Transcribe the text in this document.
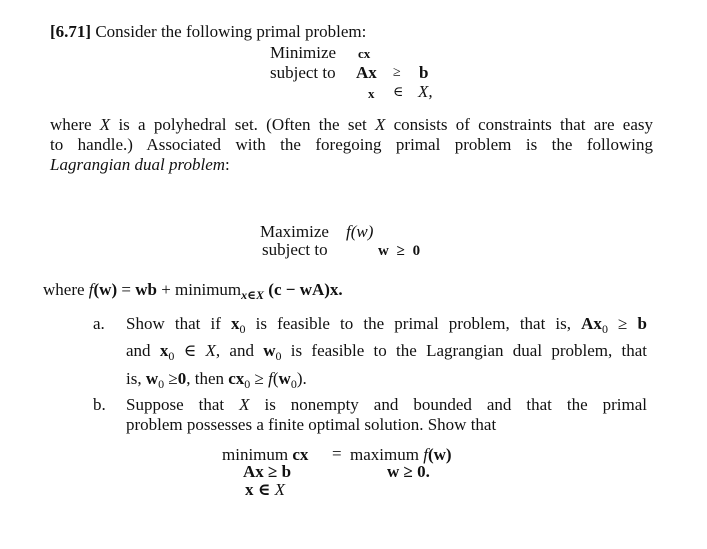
[6.71] Consider the following primal problem:
Minimize cx
subject to Ax ≥ b
x ∈ X,
where X is a polyhedral set. (Often the set X consists of constraints that are easy
to handle.) Associated with the foregoing primal problem is the following
Lagrangian dual problem:
Maximize f(w)
subject to	w ≥ 0
where f(w) = wb + minimum$_{x\in X}$ (c − wA)x.
a. Show that if $x_0$ is feasible to the primal problem, that is, $Ax_0 \ge b$
and $x_0$ ∈ X, and $w_0$ is feasible to the Lagrangian dual problem, that
is, $w_0 \ge 0$, then $cx_0 \ge f(w_0)$.
b. Suppose that X is nonempty and bounded and that the primal
problem possesses a finite optimal solution. Show that
minimum cx = maximum f(w)
Ax ≥ b	w ≥ 0.
x ∈ X
